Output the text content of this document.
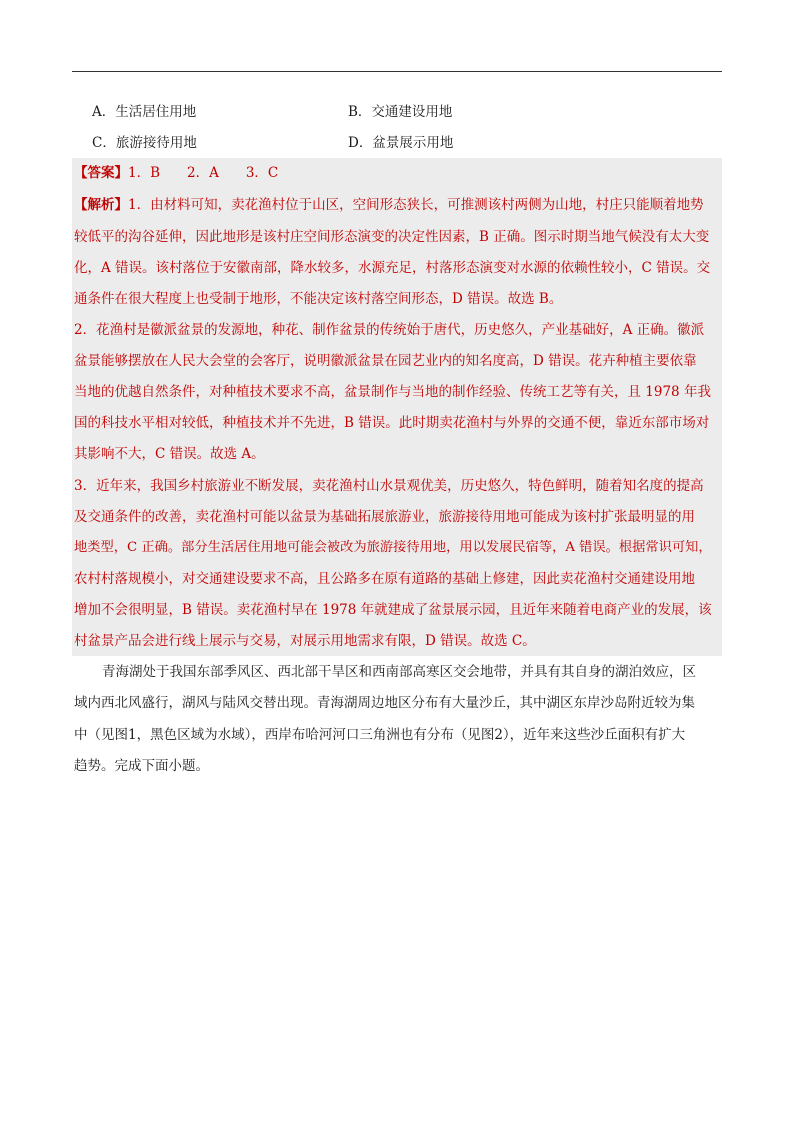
A．生活居住用地	B．交通建设用地
C．旅游接待用地	D．盆景展示用地
【答案】1．B　　2．A　　3．C
【解析】1．由材料可知，卖花渔村位于山区，空间形态狭长，可推测该村两侧为山地，村庄只能顺着地势
较低平的沟谷延伸，因此地形是该村庄空间形态演变的决定性因素，B 正确。图示时期当地气候没有太大变
化，A 错误。该村落位于安徽南部，降水较多，水源充足，村落形态演变对水源的依赖性较小，C 错误。交
通条件在很大程度上也受制于地形，不能决定该村落空间形态，D 错误。故选 B。
2．花渔村是徽派盆景的发源地，种花、制作盆景的传统始于唐代，历史悠久，产业基础好，A 正确。徽派
盆景能够摆放在人民大会堂的会客厅，说明徽派盆景在园艺业内的知名度高，D 错误。花卉种植主要依靠
当地的优越自然条件，对种植技术要求不高，盆景制作与当地的制作经验、传统工艺等有关，且 1978 年我
国的科技水平相对较低，种植技术并不先进，B 错误。此时期卖花渔村与外界的交通不便，靠近东部市场对
其影响不大，C 错误。故选 A。
3．近年来，我国乡村旅游业不断发展，卖花渔村山水景观优美，历史悠久，特色鲜明，随着知名度的提高
及交通条件的改善，卖花渔村可能以盆景为基础拓展旅游业，旅游接待用地可能成为该村扩张最明显的用
地类型，C 正确。部分生活居住用地可能会被改为旅游接待用地，用以发展民宿等，A 错误。根据常识可知，
农村村落规模小，对交通建设要求不高，且公路多在原有道路的基础上修建，因此卖花渔村交通建设用地
增加不会很明显，B 错误。卖花渔村早在 1978 年就建成了盆景展示园，且近年来随着电商产业的发展，该
村盆景产品会进行线上展示与交易，对展示用地需求有限，D 错误。故选 C。
青海湖处于我国东部季风区、西北部干旱区和西南部高寒区交会地带，并具有其自身的湖泊效应，区
域内西北风盛行，湖风与陆风交替出现。青海湖周边地区分布有大量沙丘，其中湖区东岸沙岛附近较为集
中（见图1，黑色区域为水域），西岸布哈河河口三角洲也有分布（见图2），近年来这些沙丘面积有扩大
趋势。完成下面小题。
